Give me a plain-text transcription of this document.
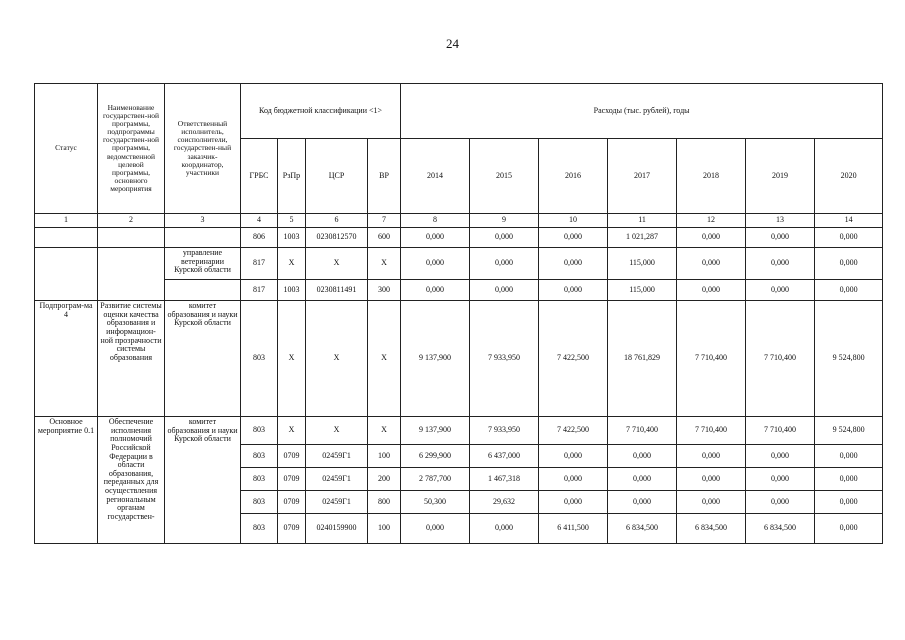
24
Статус	Наименование государствен-ной программы, подпрограммы государствен-ной программы, ведомственной целевой программы, основного мероприятия	Ответственный исполнитель, соисполнители, государствен-ный заказчик-координатор, участники	Код бюджетной классификации <1>				Расходы (тыс. рублей), годы						
			ГРБС	РзПр	ЦСР	ВР	2014	2015	2016	2017	2018	2019	2020
1	2	3	4	5	6	7	8	9	10	11	12	13	14
			806	1003	0230812570	600	0,000	0,000	0,000	1 021,287	0,000	0,000	0,000
		управление ветеринарии Курской области	817	X	X	X	0,000	0,000	0,000	115,000	0,000	0,000	0,000
			817	1003	0230811491	300	0,000	0,000	0,000	115,000	0,000	0,000	0,000
Подпрограм-ма 4	Развитие системы оценки качества образования и информацион-ной прозрачности системы образования	комитет образования и науки Курской области	803	X	X	X	9 137,900	7 933,950	7 422,500	18 761,829	7 710,400	7 710,400	9 524,800
Основное мероприятие 0.1	Обеспечение исполнения полномочий Российской Федерации в области образования, переданных для осуществления региональным органам государствен-	комитет образования и науки Курской области	803	X	X	X	9 137,900	7 933,950	7 422,500	7 710,400	7 710,400	7 710,400	9 524,800
			803	0709	02459Г1	100	6 299,900	6 437,000	0,000	0,000	0,000	0,000	0,000
			803	0709	02459Г1	200	2 787,700	1 467,318	0,000	0,000	0,000	0,000	0,000
			803	0709	02459Г1	800	50,300	29,632	0,000	0,000	0,000	0,000	0,000
			803	0709	0240159900	100	0,000	0,000	6 411,500	6 834,500	6 834,500	6 834,500	0,000
